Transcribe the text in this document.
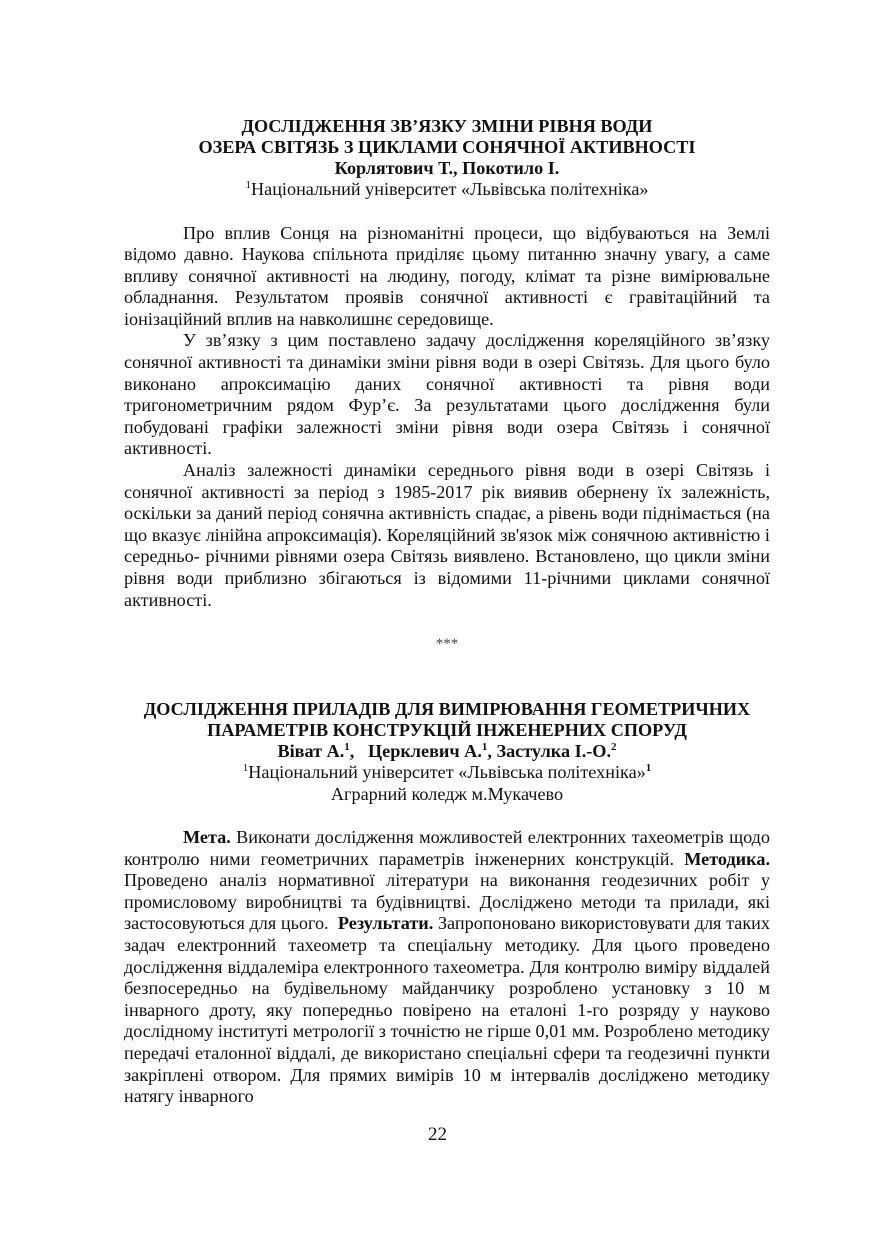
ДОСЛІДЖЕННЯ ЗВ’ЯЗКУ ЗМІНИ РІВНЯ ВОДИ
ОЗЕРА СВІТЯЗЬ З ЦИКЛАМИ СОНЯЧНОЇ АКТИВНОСТІ

Корлятович Т., Покотило І.

$^1$Національний університет «Львівська політехніка»

Про вплив Сонця на різноманітні процеси, що відбуваються на Землі відомо давно. Наукова спільнота приділяє цьому питанню значну увагу, а саме впливу сонячної активності на людину, погоду, клімат та різне вимірювальне обладнання. Результатом проявів сонячної активності є гравітаційний та іонізаційний вплив на навколишнє середовище.

У зв’язку з цим поставлено задачу дослідження кореляційного зв’язку сонячної активності та динаміки зміни рівня води в озері Світязь. Для цього було виконано апроксимацію даних сонячної активності та рівня води тригонометричним рядом Фур’є. За результатами цього дослідження були побудовані графіки залежності зміни рівня води озера Світязь і сонячної активності.

Аналіз залежності динаміки середнього рівня води в озері Світязь і сонячної активності за період з 1985-2017 рік виявив обернену їх залежність, оскільки за даний період сонячна активність спадає, а рівень води піднімається (на що вказує лінійна апроксимація). Кореляційний зв'язок між сонячною активністю і середньо- річними рівнями озера Світязь виявлено. Встановлено, що цикли зміни рівня води приблизно збігаються із відомими 11-річними циклами сонячної активності.

***

ДОСЛІДЖЕННЯ ПРИЛАДІВ ДЛЯ ВИМІРЮВАННЯ ГЕОМЕТРИЧНИХ
ПАРАМЕТРІВ КОНСТРУКЦІЙ ІНЖЕНЕРНИХ СПОРУД

Віват А.$^1$,   Церклевич А.$^1$, Застулка І.-О.$^2$

$^1$Національний університет «Львівська політехніка»$^1$

Аграрний коледж м.Мукачево

Мета. Виконати дослідження можливостей електронних тахеометрів щодо контролю ними геометричних параметрів інженерних конструкцій. Методика. Проведено аналіз нормативної літератури на виконання геодезичних робіт у промисловому виробництві та будівництві. Досліджено методи та прилади, які застосовуються для цього.  Результати. Запропоновано використовувати для таких задач електронний тахеометр та спеціальну методику. Для цього проведено дослідження віддалеміра електронного тахеометра. Для контролю виміру віддалей безпосередньо на будівельному майданчику розроблено установку з 10 м інварного дроту, яку попередньо повірено на еталоні 1-го розряду у науково дослідному інституті метрології з точністю не гірше 0,01 мм. Розроблено методику передачі еталонної віддалі, де використано спеціальні сфери та геодезичні пункти закріплені отвором. Для прямих вимірів 10 м інтервалів досліджено методику натягу інварного

22
